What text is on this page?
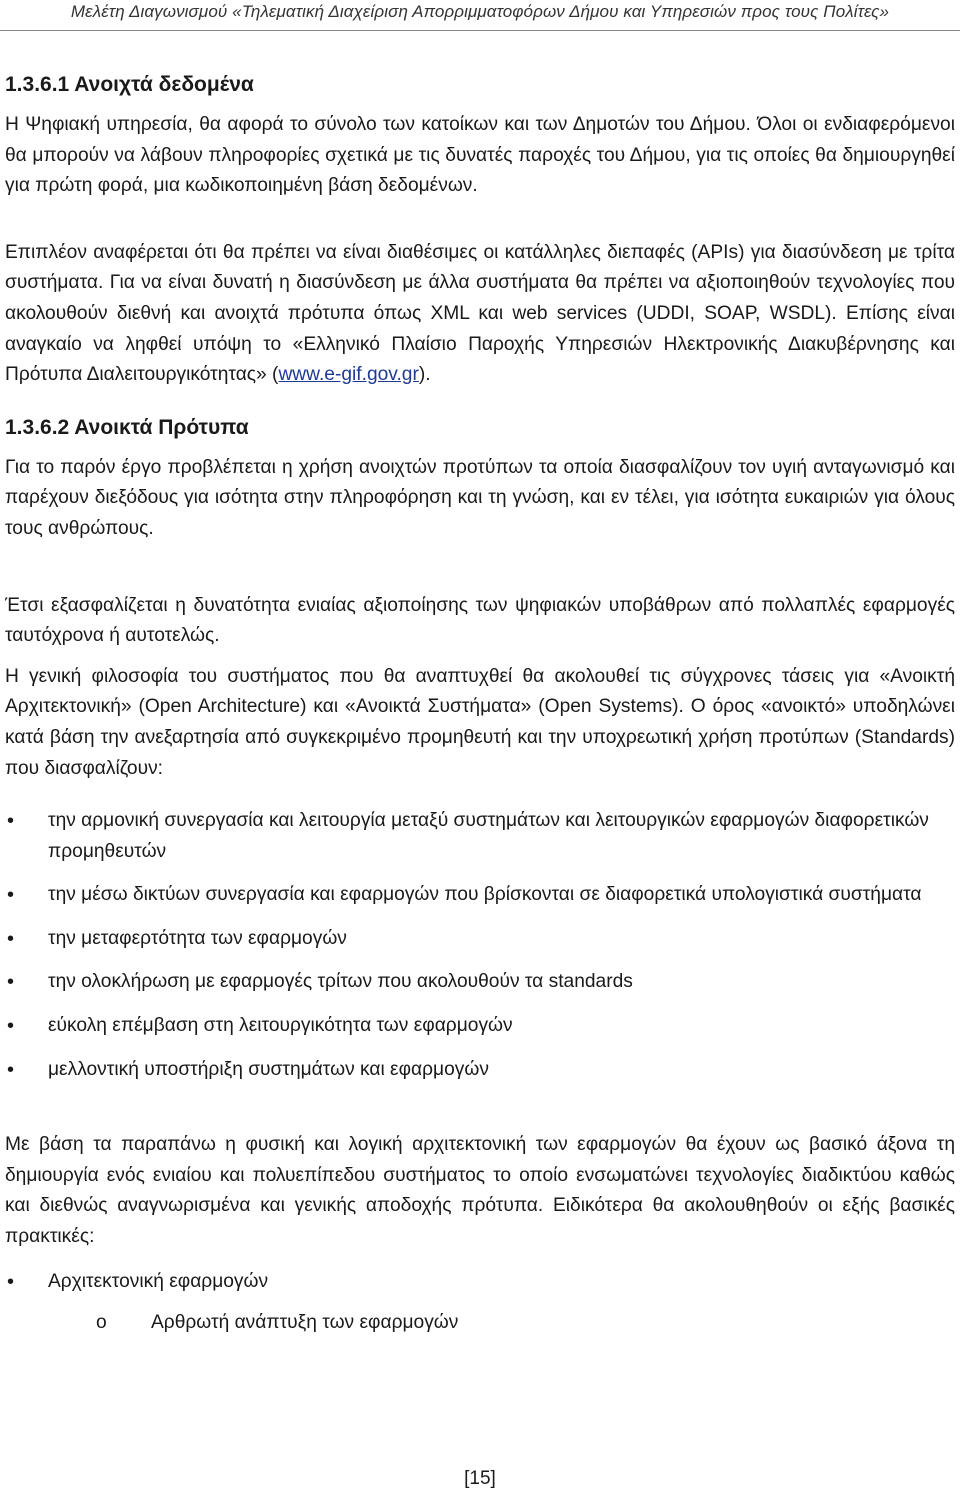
Μελέτη Διαγωνισμού «Τηλεματική Διαχείριση Απορριμματοφόρων Δήμου και Υπηρεσιών προς τους Πολίτες»
1.3.6.1 Ανοιχτά δεδομένα

Η Ψηφιακή υπηρεσία, θα αφορά το σύνολο των κατοίκων και των Δημοτών του Δήμου. Όλοι οι ενδιαφερόμενοι θα μπορούν να λάβουν πληροφορίες σχετικά με τις δυνατές παροχές του Δήμου, για τις οποίες θα δημιουργηθεί για πρώτη φορά, μια κωδικοποιημένη βάση δεδομένων.

Επιπλέον αναφέρεται ότι θα πρέπει να είναι διαθέσιμες οι κατάλληλες διεπαφές (APIs) για διασύνδεση με τρίτα συστήματα. Για να είναι δυνατή η διασύνδεση με άλλα συστήματα θα πρέπει να αξιοποιηθούν τεχνολογίες που ακολουθούν διεθνή και ανοιχτά πρότυπα όπως XML και web services (UDDI, SOAP, WSDL). Επίσης είναι αναγκαίο να ληφθεί υπόψη το «Ελληνικό Πλαίσιο Παροχής Υπηρεσιών Ηλεκτρονικής Διακυβέρνησης και Πρότυπα Διαλειτουργικότητας» (www.e-gif.gov.gr).

1.3.6.2 Ανοικτά Πρότυπα

Για το παρόν έργο προβλέπεται η χρήση ανοιχτών προτύπων τα οποία διασφαλίζουν τον υγιή ανταγωνισμό και παρέχουν διεξόδους για ισότητα στην πληροφόρηση και τη γνώση, και εν τέλει, για ισότητα ευκαιριών για όλους τους ανθρώπους.

Έτσι εξασφαλίζεται η δυνατότητα ενιαίας αξιοποίησης των ψηφιακών υποβάθρων από πολλαπλές εφαρμογές ταυτόχρονα ή αυτοτελώς.

Η γενική φιλοσοφία του συστήματος που θα αναπτυχθεί θα ακολουθεί τις σύγχρονες τάσεις για «Ανοικτή Αρχιτεκτονική» (Open Architecture) και «Ανοικτά Συστήματα» (Open Systems). Ο όρος «ανοικτό» υποδηλώνει κατά βάση την ανεξαρτησία από συγκεκριμένο προμηθευτή και την υποχρεωτική χρήση προτύπων (Standards) που διασφαλίζουν:

• την αρμονική συνεργασία και λειτουργία μεταξύ συστημάτων και λειτουργικών εφαρμογών διαφορετικών προμηθευτών
• την μέσω δικτύων συνεργασία και εφαρμογών που βρίσκονται σε διαφορετικά υπολογιστικά συστήματα
• την μεταφερτότητα των εφαρμογών
• την ολοκλήρωση με εφαρμογές τρίτων που ακολουθούν τα standards
• εύκολη επέμβαση στη λειτουργικότητα των εφαρμογών
• μελλοντική υποστήριξη συστημάτων και εφαρμογών

Με βάση τα παραπάνω η φυσική και λογική αρχιτεκτονική των εφαρμογών θα έχουν ως βασικό άξονα τη δημιουργία ενός ενιαίου και πολυεπίπεδου συστήματος το οποίο ενσωματώνει τεχνολογίες διαδικτύου καθώς και διεθνώς αναγνωρισμένα και γενικής αποδοχής πρότυπα. Ειδικότερα θα ακολουθηθούν οι εξής βασικές πρακτικές:

• Αρχιτεκτονική εφαρμογών
o Αρθρωτή ανάπτυξη των εφαρμογών
[15]
